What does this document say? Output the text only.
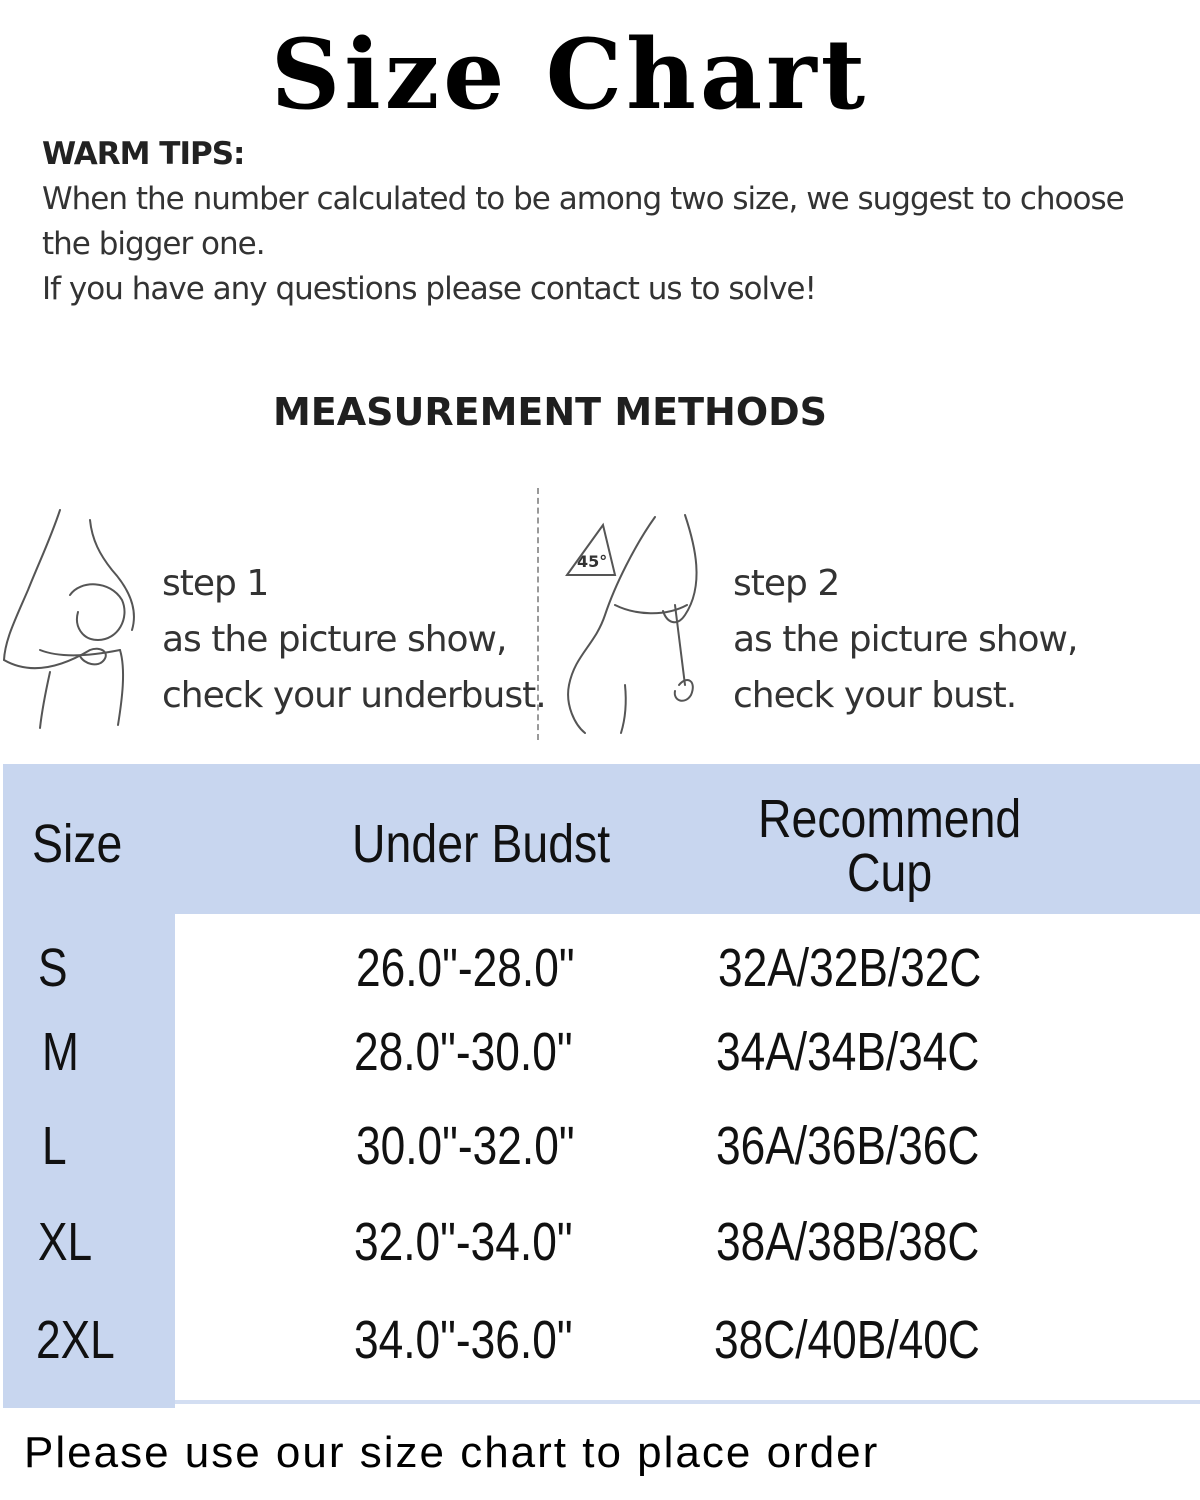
Size Chart
WARM TIPS:
When the number calculated to be among two size, we suggest to choose the bigger one.
If you have any questions please contact us to solve!
MEASUREMENT METHODS
step 1
as the picture show,
check your underbust.
45°
step 2
as the picture show,
check your bust.
Size	Under Budst	Recommend
Cup
S	26.0"-28.0"	32A/32B/32C
M	28.0"-30.0"	34A/34B/34C
L	30.0"-32.0"	36A/36B/36C
XL	32.0"-34.0"	38A/38B/38C
2XL	34.0"-36.0"	38C/40B/40C
Please use our size chart to place order
